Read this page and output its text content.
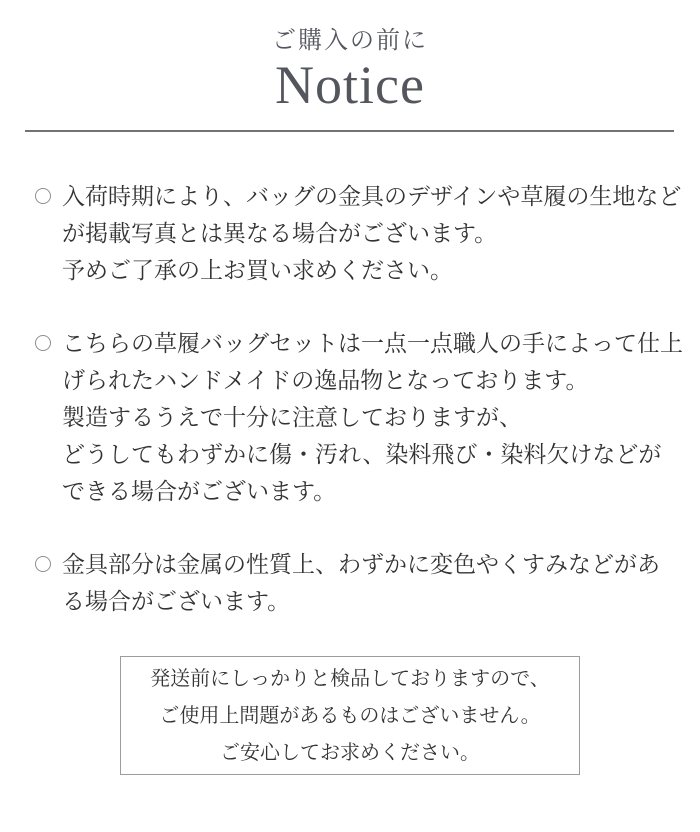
ご購入の前に
Notice
入荷時期により、バッグの金具のデザインや草履の生地など
が掲載写真とは異なる場合がございます。
予めご了承の上お買い求めください。
こちらの草履バッグセットは一点一点職人の手によって仕上
げられたハンドメイドの逸品物となっております。
製造するうえで十分に注意しておりますが、
どうしてもわずかに傷・汚れ、染料飛び・染料欠けなどが
できる場合がございます。
金具部分は金属の性質上、わずかに変色やくすみなどがあ
る場合がございます。
発送前にしっかりと検品しておりますので、
ご使用上問題があるものはございません。
ご安心してお求めください。
